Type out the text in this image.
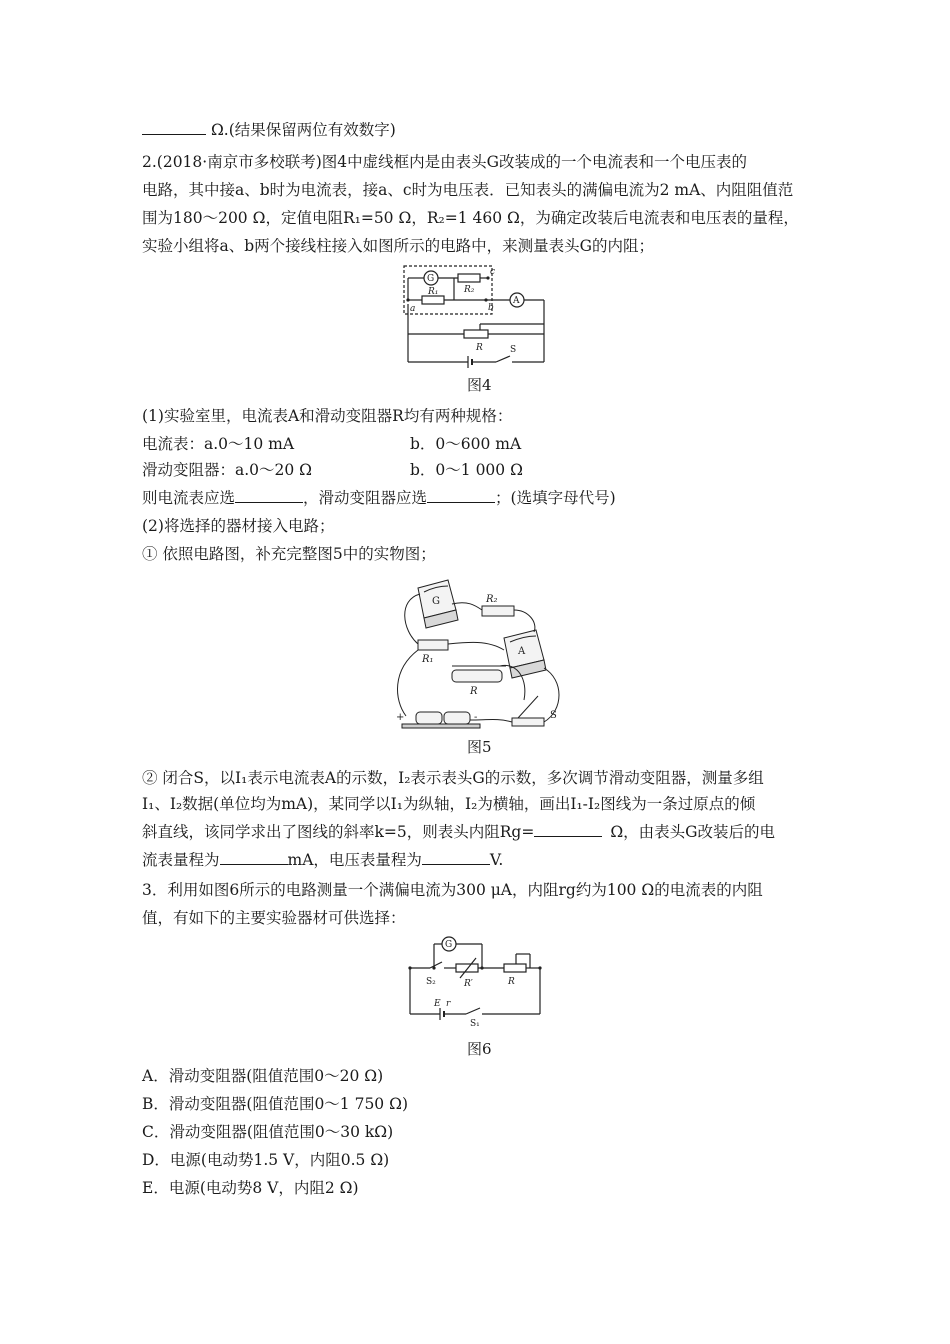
Ω.(结果保留两位有效数字)
2.(2018·南京市多校联考)图4中虚线框内是由表头G改装成的一个电流表和一个电压表的
电路，其中接a、b时为电流表，接a、c时为电压表．已知表头的满偏电流为2 mA、内阻阻值范
围为180～200 Ω，定值电阻R₁=50 Ω，R₂=1 460 Ω，为确定改装后电流表和电压表的量程，
实验小组将a、b两个接线柱接入如图所示的电路中，来测量表头G的内阻；
G
A
R₂
R₁
a	b
c
R	S
图4
(1)实验室里，电流表A和滑动变阻器R均有两种规格：
电流表：a.0～10 mA	b．0～600 mA
滑动变阻器：a.0～20 Ω	b．0～1 000 Ω
则电流表应选	，滑动变阻器应选	；(选填字母代号)
(2)将选择的器材接入电路；
① 依照电路图，补充完整图5中的实物图；
G
A
R₂
R₁
R
S
+	-
图5
② 闭合S，以I₁表示电流表A的示数，I₂表示表头G的示数，多次调节滑动变阻器，测量多组
I₁、I₂数据(单位均为mA)，某同学以I₁为纵轴，I₂为横轴，画出I₁-I₂图线为一条过原点的倾
斜直线，该同学求出了图线的斜率k=5，则表头内阻Rg=	Ω，由表头G改装后的电
流表量程为	mA，电压表量程为	V.
3．利用如图6所示的电路测量一个满偏电流为300 μA，内阻rg约为100 Ω的电流表的内阻
值，有如下的主要实验器材可供选择：
G
S₂	R′	R
E r
S₁
图6
A．滑动变阻器(阻值范围0～20 Ω)
B．滑动变阻器(阻值范围0～1 750 Ω)
C．滑动变阻器(阻值范围0～30 kΩ)
D．电源(电动势1.5 V，内阻0.5 Ω)
E．电源(电动势8 V，内阻2 Ω)
